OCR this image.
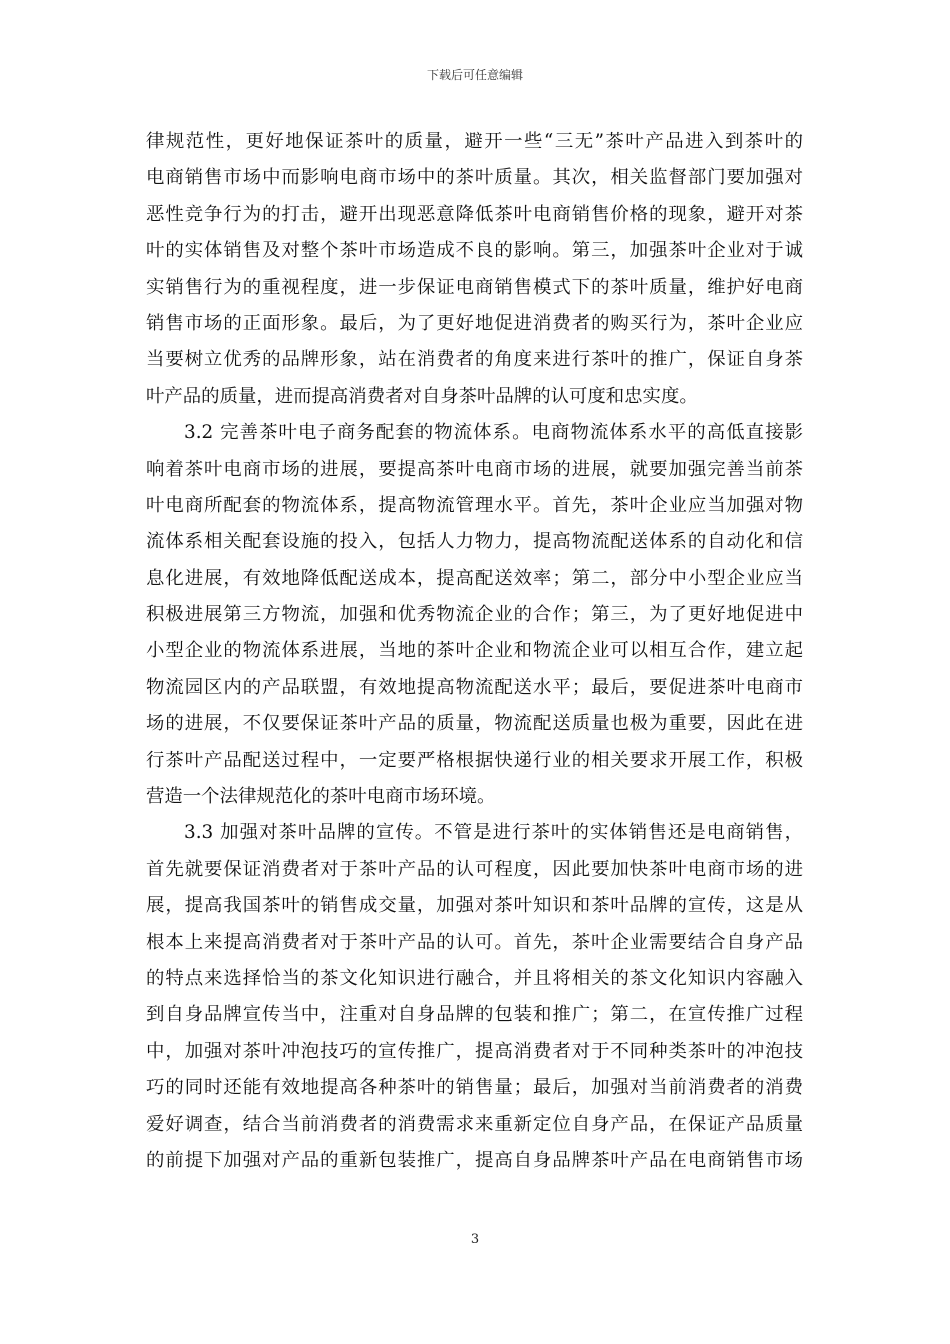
下载后可任意编辑
律规范性，更好地保证茶叶的质量，避开一些“三无”茶叶产品进入到茶叶的
电商销售市场中而影响电商市场中的茶叶质量。其次，相关监督部门要加强对
恶性竞争行为的打击，避开出现恶意降低茶叶电商销售价格的现象，避开对茶
叶的实体销售及对整个茶叶市场造成不良的影响。第三，加强茶叶企业对于诚
实销售行为的重视程度，进一步保证电商销售模式下的茶叶质量，维护好电商
销售市场的正面形象。最后，为了更好地促进消费者的购买行为，茶叶企业应
当要树立优秀的品牌形象，站在消费者的角度来进行茶叶的推广，保证自身茶
叶产品的质量，进而提高消费者对自身茶叶品牌的认可度和忠实度。
3.2 完善茶叶电子商务配套的物流体系。电商物流体系水平的高低直接影
响着茶叶电商市场的进展，要提高茶叶电商市场的进展，就要加强完善当前茶
叶电商所配套的物流体系，提高物流管理水平。首先，茶叶企业应当加强对物
流体系相关配套设施的投入，包括人力物力，提高物流配送体系的自动化和信
息化进展，有效地降低配送成本，提高配送效率；第二，部分中小型企业应当
积极进展第三方物流，加强和优秀物流企业的合作；第三，为了更好地促进中
小型企业的物流体系进展，当地的茶叶企业和物流企业可以相互合作，建立起
物流园区内的产品联盟，有效地提高物流配送水平；最后，要促进茶叶电商市
场的进展，不仅要保证茶叶产品的质量，物流配送质量也极为重要，因此在进
行茶叶产品配送过程中，一定要严格根据快递行业的相关要求开展工作，积极
营造一个法律规范化的茶叶电商市场环境。
3.3 加强对茶叶品牌的宣传。不管是进行茶叶的实体销售还是电商销售，
首先就要保证消费者对于茶叶产品的认可程度，因此要加快茶叶电商市场的进
展，提高我国茶叶的销售成交量，加强对茶叶知识和茶叶品牌的宣传，这是从
根本上来提高消费者对于茶叶产品的认可。首先，茶叶企业需要结合自身产品
的特点来选择恰当的茶文化知识进行融合，并且将相关的茶文化知识内容融入
到自身品牌宣传当中，注重对自身品牌的包装和推广；第二，在宣传推广过程
中，加强对茶叶冲泡技巧的宣传推广，提高消费者对于不同种类茶叶的冲泡技
巧的同时还能有效地提高各种茶叶的销售量；最后，加强对当前消费者的消费
爱好调查，结合当前消费者的消费需求来重新定位自身产品，在保证产品质量
的前提下加强对产品的重新包装推广，提高自身品牌茶叶产品在电商销售市场
3
